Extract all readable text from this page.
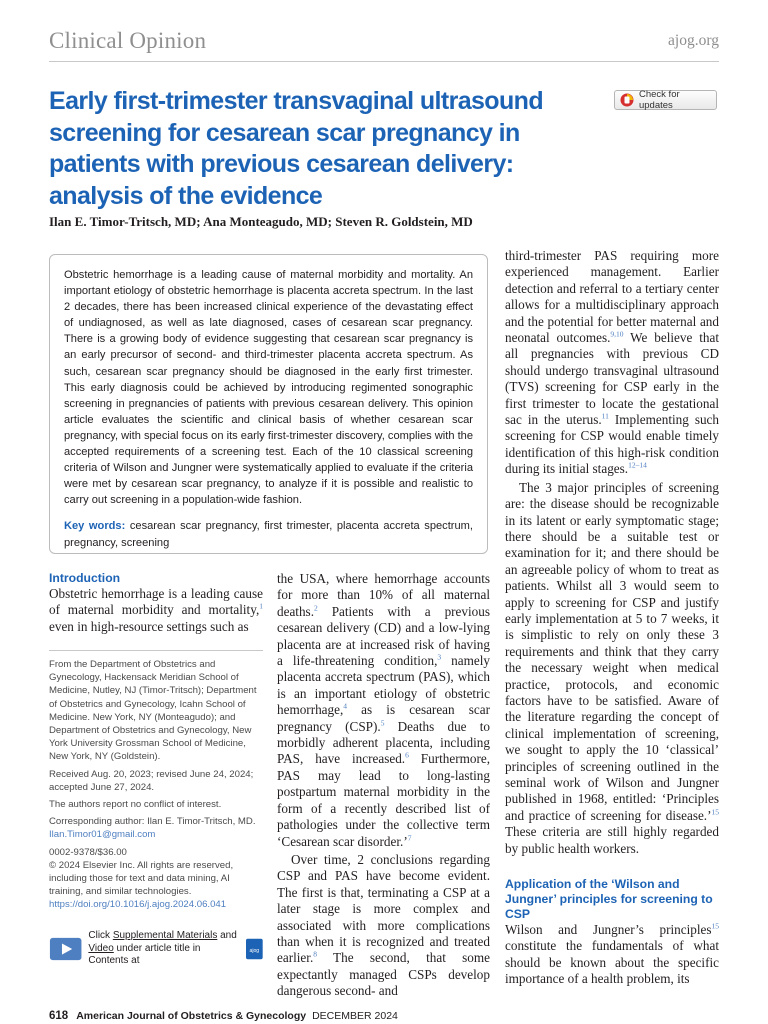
Clinical Opinion	ajog.org
Early first-trimester transvaginal ultrasound screening for cesarean scar pregnancy in patients with previous cesarean delivery: analysis of the evidence
Check for updates
Ilan E. Timor-Tritsch, MD; Ana Monteagudo, MD; Steven R. Goldstein, MD

Obstetric hemorrhage is a leading cause of maternal morbidity and mortality. An important etiology of obstetric hemorrhage is placenta accreta spectrum. In the last 2 decades, there has been increased clinical experience of the devastating effect of undiagnosed, as well as late diagnosed, cases of cesarean scar pregnancy. There is a growing body of evidence suggesting that cesarean scar pregnancy is an early precursor of second- and third-trimester placenta accreta spectrum. As such, cesarean scar pregnancy should be diagnosed in the early first trimester. This early diagnosis could be achieved by introducing regimented sonographic screening in pregnancies of patients with previous cesarean delivery. This opinion article evaluates the scientific and clinical basis of whether cesarean scar pregnancy, with special focus on its early first-trimester discovery, complies with the accepted requirements of a screening test. Each of the 10 classical screening criteria of Wilson and Jungner were systematically applied to evaluate if the criteria were met by cesarean scar pregnancy, to analyze if it is possible and realistic to carry out screening in a population-wide fashion.

Key words: cesarean scar pregnancy, first trimester, placenta accreta spectrum, pregnancy, screening

Introduction

Obstetric hemorrhage is a leading cause of maternal morbidity and mortality,$^1$ even in high-resource settings such as

From the Department of Obstetrics and Gynecology, Hackensack Meridian School of Medicine, Nutley, NJ (Timor-Tritsch); Department of Obstetrics and Gynecology, Icahn School of Medicine. New York, NY (Monteagudo); and Department of Obstetrics and Gynecology, New York University Grossman School of Medicine, New York, NY (Goldstein).

Received Aug. 20, 2023; revised June 24, 2024; accepted June 27, 2024.

The authors report no conflict of interest.

Corresponding author: Ilan E. Timor-Tritsch, MD. Ilan.Timor01@gmail.com

0002-9378/$36.00
© 2024 Elsevier Inc. All rights are reserved, including those for text and data mining, AI training, and similar technologies.
https://doi.org/10.1016/j.ajog.2024.06.041

Click Supplemental Materials and
Video under article title in Contents at
ajog

the USA, where hemorrhage accounts for more than 10% of all maternal deaths.$^2$ Patients with a previous cesarean delivery (CD) and a low-lying placenta are at increased risk of having a life-threatening condition,$^3$ namely placenta accreta spectrum (PAS), which is an important etiology of obstetric hemorrhage,$^4$ as is cesarean scar pregnancy (CSP).$^5$ Deaths due to morbidly adherent placenta, including PAS, have increased.$^6$ Furthermore, PAS may lead to long-lasting postpartum maternal morbidity in the form of a recently described list of pathologies under the collective term ‘Cesarean scar disorder.’$^7$

Over time, 2 conclusions regarding CSP and PAS have become evident. The first is that, terminating a CSP at a later stage is more complex and associated with more complications than when it is recognized and treated earlier.$^8$ The second, that some expectantly managed CSPs develop dangerous second- and

third-trimester PAS requiring more experienced management. Earlier detection and referral to a tertiary center allows for a multidisciplinary approach and the potential for better maternal and neonatal outcomes.$^{9,10}$ We believe that all pregnancies with previous CD should undergo transvaginal ultrasound (TVS) screening for CSP early in the first trimester to locate the gestational sac in the uterus.$^{11}$ Implementing such screening for CSP would enable timely identification of this high-risk condition during its initial stages.$^{12-14}$

The 3 major principles of screening are: the disease should be recognizable in its latent or early symptomatic stage; there should be a suitable test or examination for it; and there should be an agreeable policy of whom to treat as patients. Whilst all 3 would seem to apply to screening for CSP and justify early implementation at 5 to 7 weeks, it is simplistic to rely on only these 3 requirements and think that they carry the necessary weight when medical practice, protocols, and economic factors have to be satisfied. Aware of the literature regarding the concept of clinical implementation of screening, we sought to apply the 10 ‘classical’ principles of screening outlined in the seminal work of Wilson and Jungner published in 1968, entitled: ‘Principles and practice of screening for disease.’$^{15}$ These criteria are still highly regarded by public health workers.

Application of the ‘Wilson and Jungner’ principles for screening to CSP

Wilson and Jungner’s principles$^{15}$ constitute the fundamentals of what should be known about the specific importance of a health problem, its

618 American Journal of Obstetrics & Gynecology DECEMBER 2024
